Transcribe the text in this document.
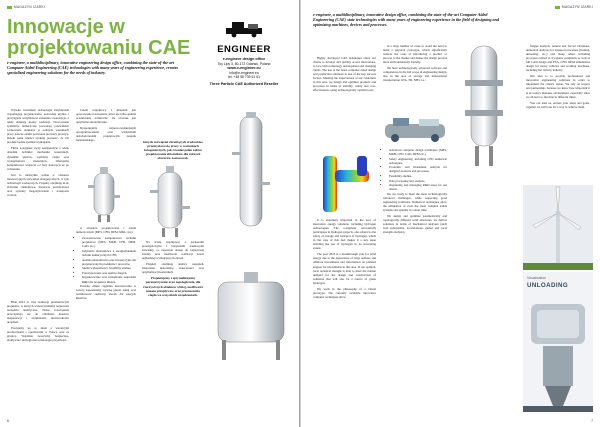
MAGAZYN IZARKI
Innowacje w projektowaniu CAE

e-engineer, a multidisciplinary, innovative engineering design office, combining the state-of-the-art Computer Aided Engineering (CAE) technologies with many years of engineering experience, creates specialized engineering solutions for the needs of industry.

ENGINEER
e-engineer design office
Toy Lipy 3, 80-172 Gdańsk, Poland
www.e-engineer.eu
info@e-engineer.eu
tel. +48 58 739 61 61
Three Particle CAE Authorized Reseller

Wysoko rozwinięte technologie inżynierskie wspomagają projektowanie, pozwalają szybko i precyzyjnie weryfikować założenia i koncepcje, a także obniżają koszty realizacji. Nowoczesne symulacje numeryczne pozwalają przewidzieć zachowanie obiektów w realnych warunkach pracy jeszcze zanim powstanie pierwszy prototyp. Dzięki temu klienci zyskują pewność, że ich produkt będzie spełniał wymagania.

Firma e-engineer łączy kompetencje z wielu dziedzin techniki: mechaniki konstrukcji, dynamiki płynów, wymiany ciepła oraz wytrzymałości materiałów. Oferujemy kompleksowe wsparcie od fazy koncepcji aż po wdrożenie.

Jest to niezwykle ważne w obszarze innowacyjnych rozwiązań energetycznych, w tym technologii wodorowych. Projekty obejmują m.in. zbiorniki ciśnieniowe, instalacje przemysłowe oraz systemy magazynowania i transportu wodoru.

Blok 2023 to czas realizacji przełomowych projektów, w których wykorzystaliśmy najnowsze narzędzia analityczne. Nasze rozwiązania przyczyniają się do obniżenia kosztów eksploatacji i zwiększenia niezawodności urządzeń.

Pracujemy na co dzień z wiodącymi producentami i operatorami w Polsce oraz za granicą. Wspólnie tworzymy bezpieczne, efektywne i ekologiczne technologie przyszłości.

Celem współpracy z klientem jest opracowanie rozwiązania, które nie tylko spełnia oczekiwania techniczne, ale również jest optymalne ekonomicznie.

Dysponujemy najnowocześniejszym oprogramowaniem oraz wieloletnim doświadczeniem projektowym zespołu inżynierskiego.

w obszarze projektowania i analiz numerycznych (MES, CFD, DEM, MKL i in.):

• Zaawansowane komputerowe techniki projektowe (MES, MKB, CFD, DEM, CAD, etc.)
• Inżynieria materiałowa z uwzględnieniem technik numerycznych CFD,
• Analiza ekonomiczna oraz inwestycyjna dla projektowanych produktów i procesów,
• Studia wykonalności, feasibility studies,
• Prototypowanie oraz analiza danych,
• Organizowanie oraz zarządzanie zespołami R&D dla projektów klienta.

Ponadto dzięki ciągłemu inwestowaniu w rozwój zapewniamy wysoką jakość usług oraz terminowość realizacji zleceń dla naszych klientów.

Innych rozwiązań chroniących środowisko przemysłowe do pracy w warunkach kriogenicznych, jak również pełen zakres projektowania zbiorników dla różnych obszarów zastosowań.

Na ścisłą współpracę z partnerami przemysłowymi i instytutami naukowymi stawiamy, co zapewnia dostęp do najnowszej wiedzy oraz możliwość realizacji nawet najbardziej wymagających zleceń.

Projekty obejmują analizy naprężeń, zmęczenia materiałów, stateczności oraz optymalizacji konstrukcji.

Projektujemy i optymalizujemy parametrycznie oraz topologicznie, dla rzeczywistych obiektów wbitej, możliwości tematu przepływów oraz przenoszenia ciepła we wszystkich urządzeniach.

6
MAGAZYN IZARKI

e-engineer, a multidisciplinary, innovative design office, combining the state-of-the-art Computer Aided Engineering (CAE) state technologies with many years of engineering experience in the field of designing and optimizing machines, devices and processes.

Highly developed CAE techniques allow our clients to develop and quickly access innovations, to face with technology development and changing trends. The use of the latest computer aided design and production solutions is one of the key success factors. Meeting the expectations of our customers in this area, we design and optimize products and processes in terms of stability, safety and cost-effectiveness, using technologically optimal tools.

It is extremely important in the area of innovative energy solutions, including hydrogen technologies. The e-engineer successfully participates in hydrogen projects, also related to the safety of storage and transport of hydrogen, which in the case of this fuel makes it a key issue enabling the use of hydrogen in an increasing extent.

The year 2023 is a breakthrough year for wind energy due to the appearance of large onshore and offshore investments and information on planned support for investments in this area. In our opinion, local technical thought is able to meet the market demand for the design and construction of solutions that will also be a source of green hydrogen.

We work in the philosophy of a virtual prototype. The currently available innovative computer techniques allow

in a large number of cases to avoid the need to build a physical prototype, which significantly reduces the costs of introducing a product or process to the market and makes the design process more environmentally friendly.

We have technologically advanced software and competences in the full scope of engineering design, also in the area of storage and international transportation LNG, H2, NH3, i.e.:

• Advanced computer design techniques (MES, MKB, CFD, CAD, DEM etc.)
• Safety engineering, including CFD numerical techniques,
• Economic and investment analysis for designed products and processes,
• Feasibility studies,
• Data processing and analysis,
• Organizing and managing R&D areas for our clients.

We are ready to meet the most technologically advanced challenges, while respecting good engineering traditions. Numerical techniques allow the simulation of even the most complex solids systems and systems in a short time.

We design and optimize parametrically and topologically different solid structures, we deliver solutions in terms of mechanical analyses (such load subsystems, accelerations, global and local strength analysis),

fatigue analysis, natural and forced vibrations, numerical analyses for transport processes (loading, unloading, etc.) and many others including processes related to cryogenic conditions as well as full CAD design and FEA, CFD, DEM simulations design for heavy vehicles and working machines, including the railway industry.

Our idea is to provide professional and innovative engineering solutions in order to implement the client's vision. We rely on respect and partnership, because we know how important it is in today's business environment, especially since we all have to function in different times.

You can trust us, entrust your ideas and goals, together we will look for a way to achieve them.

Visualization
UNLOADING
7
